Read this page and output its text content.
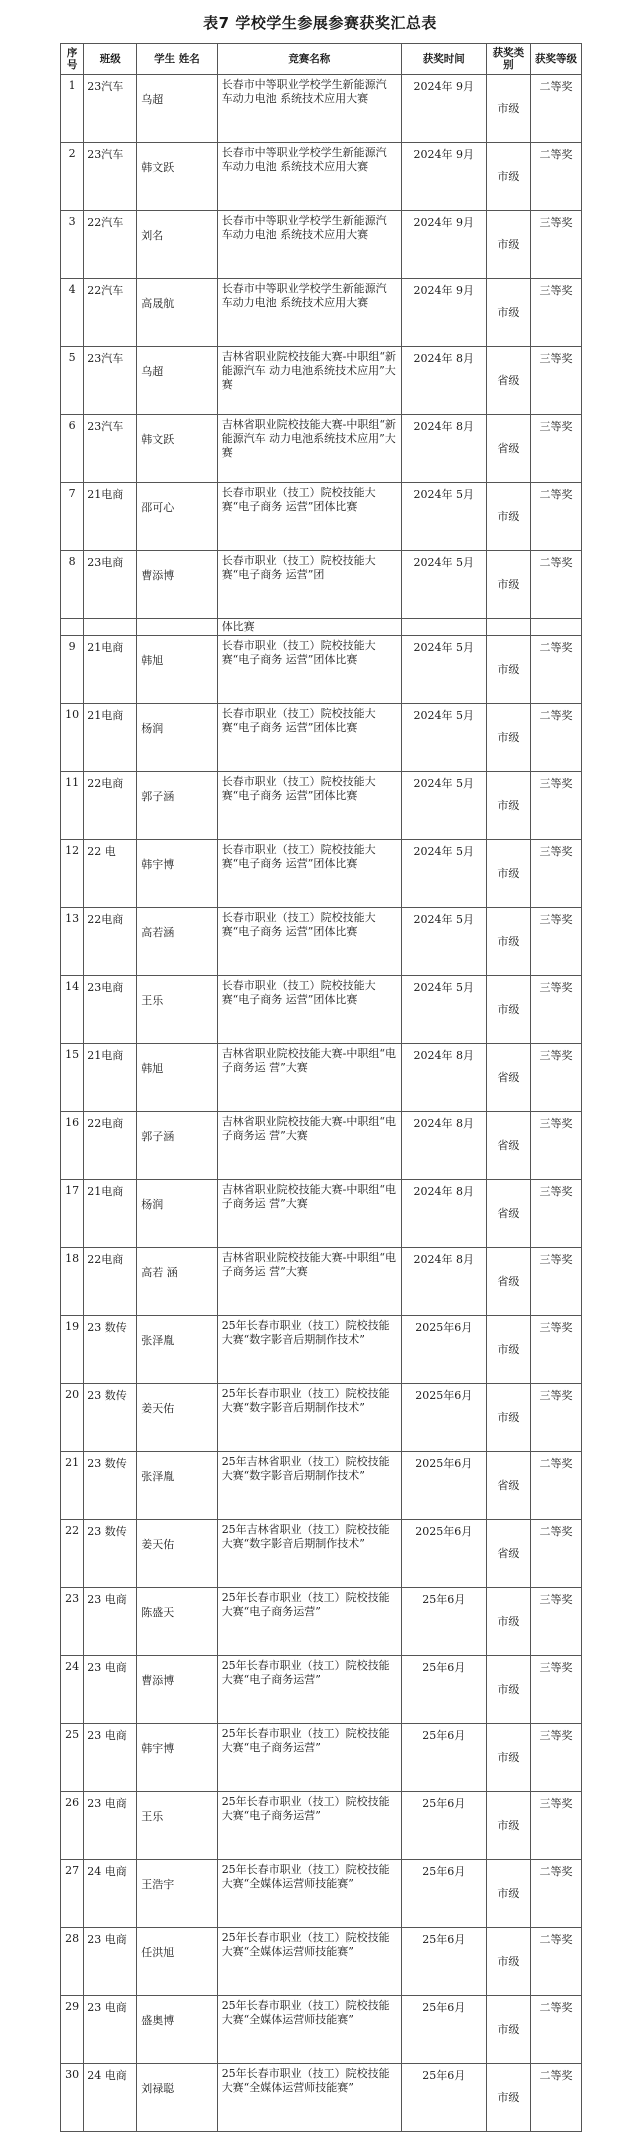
表7 学校学生参展参赛获奖汇总表
序号	班级	学生 姓名	竞赛名称	获奖时间	获奖类别	获奖等级
1	23汽车	乌超	长春市中等职业学校学生新能源汽车动力电池 系统技术应用大赛	2024年 9月	市级	二等奖
2	23汽车	韩文跃	长春市中等职业学校学生新能源汽车动力电池 系统技术应用大赛	2024年 9月	市级	二等奖
3	22汽车	刘名	长春市中等职业学校学生新能源汽车动力电池 系统技术应用大赛	2024年 9月	市级	三等奖
4	22汽车	高晟航	长春市中等职业学校学生新能源汽车动力电池 系统技术应用大赛	2024年 9月	市级	三等奖
5	23汽车	乌超	吉林省职业院校技能大赛-中职组“新能源汽车 动力电池系统技术应用”大赛	2024年 8月	省级	三等奖
6	23汽车	韩文跃	吉林省职业院校技能大赛-中职组“新能源汽车 动力电池系统技术应用”大赛	2024年 8月	省级	三等奖
7	21电商	邵可心	长春市职业（技工）院校技能大赛“电子商务 运营”团体比赛	2024年 5月	市级	二等奖
8	23电商	曹添博	长春市职业（技工）院校技能大赛“电子商务 运营”团	2024年 5月	市级	二等奖
			体比赛			
9	21电商	韩旭	长春市职业（技工）院校技能大赛“电子商务 运营”团体比赛	2024年 5月	市级	二等奖
10	21电商	杨润	长春市职业（技工）院校技能大赛“电子商务 运营”团体比赛	2024年 5月	市级	二等奖
11	22电商	郭子涵	长春市职业（技工）院校技能大赛“电子商务 运营”团体比赛	2024年 5月	市级	三等奖
12	22 电	韩宇博	长春市职业（技工）院校技能大赛“电子商务 运营”团体比赛	2024年 5月	市级	三等奖
13	22电商	高若涵	长春市职业（技工）院校技能大赛“电子商务 运营”团体比赛	2024年 5月	市级	三等奖
14	23电商	王乐	长春市职业（技工）院校技能大赛“电子商务 运营”团体比赛	2024年 5月	市级	三等奖
15	21电商	韩旭	吉林省职业院校技能大赛-中职组“电子商务运 营”大赛	2024年 8月	省级	三等奖
16	22电商	郭子涵	吉林省职业院校技能大赛-中职组“电子商务运 营”大赛	2024年 8月	省级	三等奖
17	21电商	杨润	吉林省职业院校技能大赛-中职组“电子商务运 营”大赛	2024年 8月	省级	三等奖
18	22电商	高若 涵	吉林省职业院校技能大赛-中职组“电子商务运 营”大赛	2024年 8月	省级	三等奖
19	23 数传	张泽胤	25年长春市职业（技工）院校技能大赛“数字影音后期制作技术”	2025年6月	市级	三等奖
20	23 数传	姜天佑	25年长春市职业（技工）院校技能大赛“数字影音后期制作技术”	2025年6月	市级	三等奖
21	23 数传	张泽胤	25年吉林省职业（技工）院校技能大赛“数字影音后期制作技术”	2025年6月	省级	二等奖
22	23 数传	姜天佑	25年吉林省职业（技工）院校技能大赛“数字影音后期制作技术”	2025年6月	省级	二等奖
23	23 电商	陈盛天	25年长春市职业（技工）院校技能大赛“电子商务运营”	25年6月	市级	三等奖
24	23 电商	曹添博	25年长春市职业（技工）院校技能大赛“电子商务运营”	25年6月	市级	三等奖
25	23 电商	韩宇博	25年长春市职业（技工）院校技能大赛“电子商务运营”	25年6月	市级	三等奖
26	23 电商	王乐	25年长春市职业（技工）院校技能大赛“电子商务运营”	25年6月	市级	三等奖
27	24 电商	王浩宇	25年长春市职业（技工）院校技能大赛“全媒体运营师技能赛”	25年6月	市级	二等奖
28	23 电商	任洪旭	25年长春市职业（技工）院校技能大赛“全媒体运营师技能赛”	25年6月	市级	二等奖
29	23 电商	盛奥博	25年长春市职业（技工）院校技能大赛“全媒体运营师技能赛”	25年6月	市级	二等奖
30	24 电商	刘禄聪	25年长春市职业（技工）院校技能大赛“全媒体运营师技能赛”	25年6月	市级	二等奖
